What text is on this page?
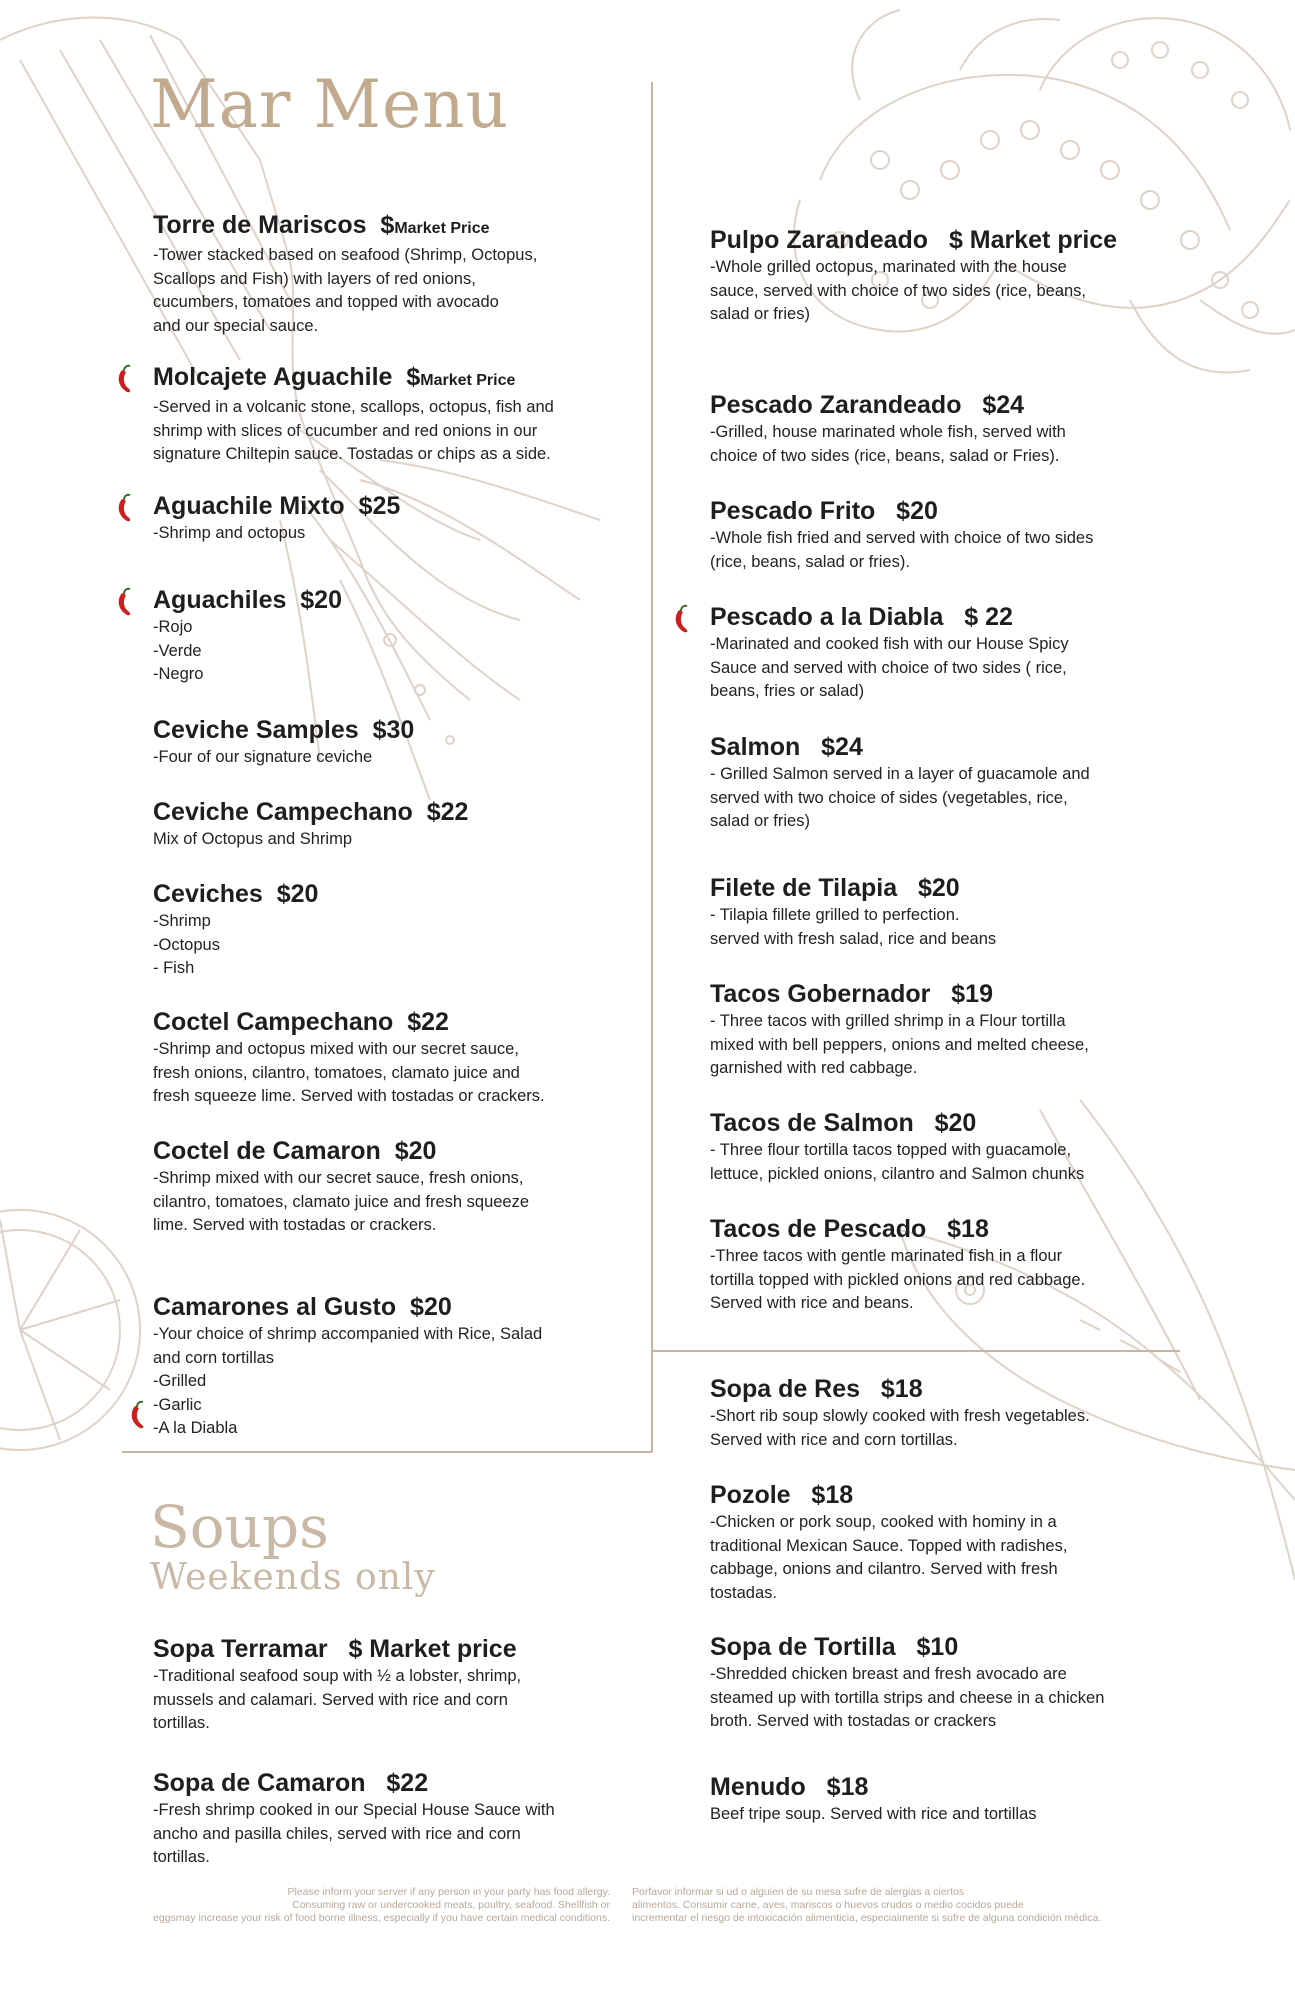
Mar Menu
Torre de Mariscos $Market Price
-Tower stacked based on seafood (Shrimp, Octopus,
Scallops and Fish) with layers of red onions,
cucumbers, tomatoes and topped with avocado
and our special sauce.
Molcajete Aguachile $Market Price
-Served in a volcanic stone, scallops, octopus, fish and
shrimp with slices of cucumber and red onions in our
signature Chiltepin sauce. Tostadas or chips as a side.
Aguachile Mixto $25
-Shrimp and octopus
Aguachiles $20
-Rojo
-Verde
-Negro
Ceviche Samples $30
-Four of our signature ceviche
Ceviche Campechano $22
Mix of Octopus and Shrimp
Ceviches $20
-Shrimp
-Octopus
- Fish
Coctel Campechano $22
-Shrimp and octopus mixed with our secret sauce,
fresh onions, cilantro, tomatoes, clamato juice and
fresh squeeze lime. Served with tostadas or crackers.
Coctel de Camaron $20
-Shrimp mixed with our secret sauce, fresh onions,
cilantro, tomatoes, clamato juice and fresh squeeze
lime. Served with tostadas or crackers.
Camarones al Gusto $20
-Your choice of shrimp accompanied with Rice, Salad
and corn tortillas
-Grilled
-Garlic
-A la Diabla
Pulpo Zarandeado $ Market price
-Whole grilled octopus, marinated with the house
sauce, served with choice of two sides (rice, beans,
salad or fries)
Pescado Zarandeado $24
-Grilled, house marinated whole fish, served with
choice of two sides (rice, beans, salad or Fries).
Pescado Frito $20
-Whole fish fried and served with choice of two sides
(rice, beans, salad or fries).
Pescado a la Diabla $ 22
-Marinated and cooked fish with our House Spicy
Sauce and served with choice of two sides ( rice,
beans, fries or salad)
Salmon $24
- Grilled Salmon served in a layer of guacamole and
served with two choice of sides (vegetables, rice,
salad or fries)
Filete de Tilapia $20
- Tilapia fillete grilled to perfection.
served with fresh salad, rice and beans
Tacos Gobernador $19
- Three tacos with grilled shrimp in a Flour tortilla
mixed with bell peppers, onions and melted cheese,
garnished with red cabbage.
Tacos de Salmon $20
- Three flour tortilla tacos topped with guacamole,
lettuce, pickled onions, cilantro and Salmon chunks
Tacos de Pescado $18
-Three tacos with gentle marinated fish in a flour
tortilla topped with pickled onions and red cabbage.
Served with rice and beans.
Soups
Weekends only
Sopa Terramar $ Market price
-Traditional seafood soup with ½ a lobster, shrimp,
mussels and calamari. Served with rice and corn
tortillas.
Sopa de Camaron $22
-Fresh shrimp cooked in our Special House Sauce with
ancho and pasilla chiles, served with rice and corn
tortillas.
Sopa de Res $18
-Short rib soup slowly cooked with fresh vegetables.
Served with rice and corn tortillas.
Pozole $18
-Chicken or pork soup, cooked with hominy in a
traditional Mexican Sauce. Topped with radishes,
cabbage, onions and cilantro. Served with fresh
tostadas.
Sopa de Tortilla $10
-Shredded chicken breast and fresh avocado are
steamed up with tortilla strips and cheese in a chicken
broth. Served with tostadas or crackers
Menudo $18
Beef tripe soup. Served with rice and tortillas
Please inform your server if any person in your party has food allergy.
Consuming raw or undercooked meats, poultry, seafood. Shellfish or
eggsmay increase your risk of food borne illness, especially if you have certain medical conditions.
Porfavor informar si ud o alguien de su mesa sufre de alergias a ciertos
alimentos. Consumir carne, aves, mariscos o huevos crudos o medio cocidos puede
incrementar el riesgo de intoxicación alimenticia, especialmente si sufre de alguna condición médica.
